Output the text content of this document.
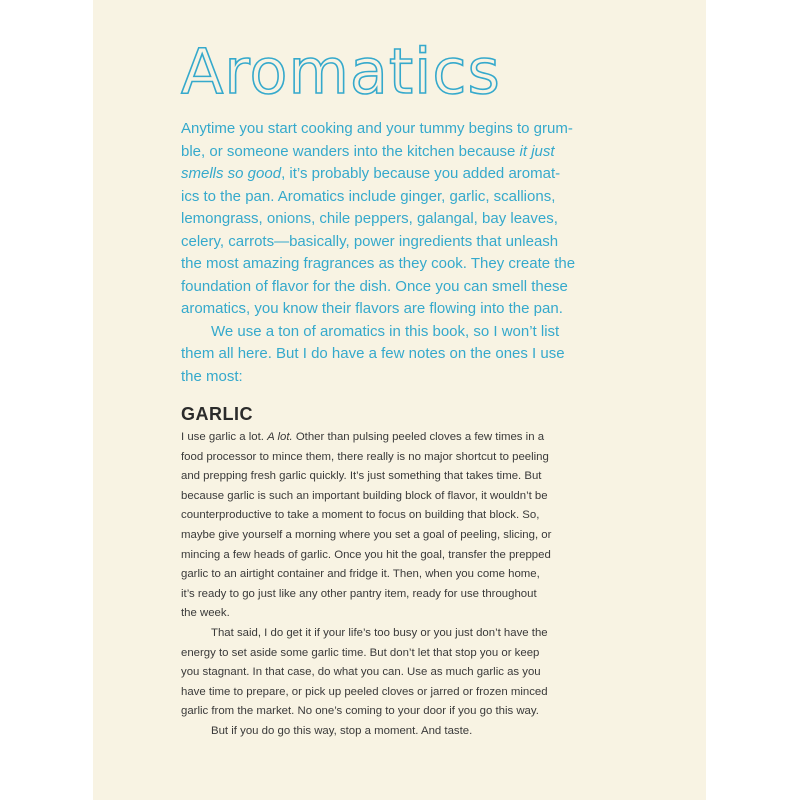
Aromatics

Anytime you start cooking and your tummy begins to grum-

ble, or someone wanders into the kitchen because it just

smells so good, it’s probably because you added aromat-

ics to the pan. Aromatics include ginger, garlic, scallions,

lemongrass, onions, chile peppers, galangal, bay leaves,

celery, carrots—basically, power ingredients that unleash

the most amazing fragrances as they cook. They create the

foundation of flavor for the dish. Once you can smell these

aromatics, you know their flavors are flowing into the pan.

We use a ton of aromatics in this book, so I won’t list

them all here. But I do have a few notes on the ones I use

the most:

GARLIC

I use garlic a lot. A lot. Other than pulsing peeled cloves a few times in a

food processor to mince them, there really is no major shortcut to peeling

and prepping fresh garlic quickly. It’s just something that takes time. But

because garlic is such an important building block of flavor, it wouldn’t be

counterproductive to take a moment to focus on building that block. So,

maybe give yourself a morning where you set a goal of peeling, slicing, or

mincing a few heads of garlic. Once you hit the goal, transfer the prepped

garlic to an airtight container and fridge it. Then, when you come home,

it’s ready to go just like any other pantry item, ready for use throughout

the week.

That said, I do get it if your life’s too busy or you just don’t have the

energy to set aside some garlic time. But don’t let that stop you or keep

you stagnant. In that case, do what you can. Use as much garlic as you

have time to prepare, or pick up peeled cloves or jarred or frozen minced

garlic from the market. No one’s coming to your door if you go this way.

But if you do go this way, stop a moment. And taste.
